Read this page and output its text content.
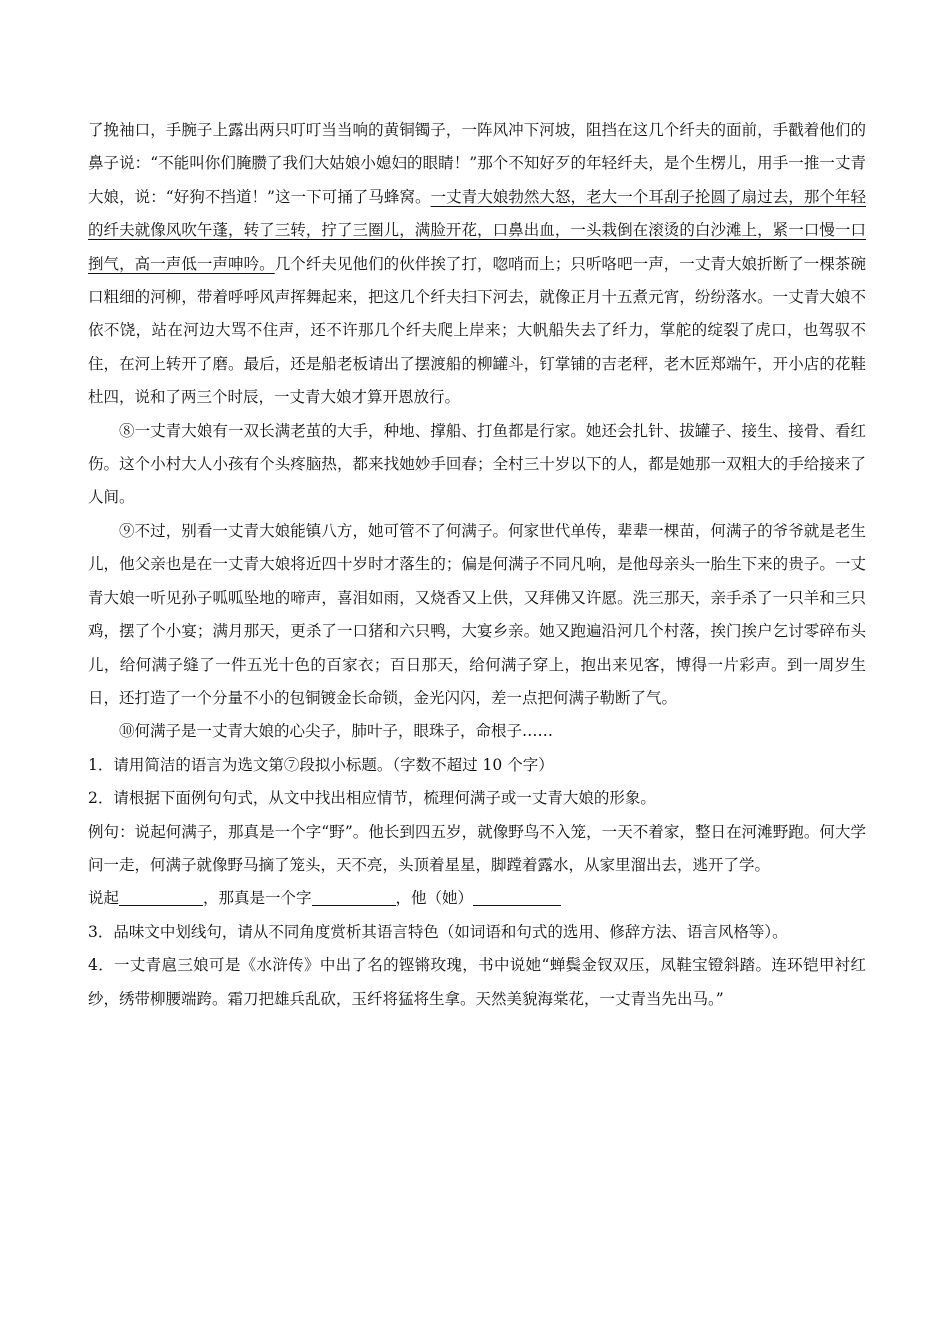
了挽袖口，手腕子上露出两只叮叮当当响的黄铜镯子，一阵风冲下河坡，阻挡在这几个纤夫的面前，手戳着他们的鼻子说：“不能叫你们腌臜了我们大姑娘小媳妇的眼睛！”那个不知好歹的年轻纤夫，是个生楞儿，用手一推一丈青大娘，说：“好狗不挡道！”这一下可捅了马蜂窝。一丈青大娘勃然大怒，老大一个耳刮子抡圆了扇过去，那个年轻的纤夫就像风吹午蓬，转了三转，拧了三圈儿，满脸开花，口鼻出血，一头栽倒在滚烫的白沙滩上，紧一口慢一口捯气，高一声低一声呻吟。几个纤夫见他们的伙伴挨了打，唿哨而上；只听咯吧一声，一丈青大娘折断了一棵茶碗口粗细的河柳，带着呼呼风声挥舞起来，把这几个纤夫扫下河去，就像正月十五煮元宵，纷纷落水。一丈青大娘不依不饶，站在河边大骂不住声，还不许那几个纤夫爬上岸来；大帆船失去了纤力，掌舵的绽裂了虎口，也驾驭不住，在河上转开了磨。最后，还是船老板请出了摆渡船的柳罐斗，钉掌铺的吉老秤，老木匠郑端午，开小店的花鞋杜四，说和了两三个时辰，一丈青大娘才算开恩放行。

⑧一丈青大娘有一双长满老茧的大手，种地、撑船、打鱼都是行家。她还会扎针、拔罐子、接生、接骨、看红伤。这个小村大人小孩有个头疼脑热，都来找她妙手回春；全村三十岁以下的人，都是她那一双粗大的手给接来了人间。

⑨不过，别看一丈青大娘能镇八方，她可管不了何满子。何家世代单传，辈辈一棵苗，何满子的爷爷就是老生儿，他父亲也是在一丈青大娘将近四十岁时才落生的；偏是何满子不同凡响，是他母亲头一胎生下来的贵子。一丈青大娘一听见孙子呱呱坠地的啼声，喜泪如雨，又烧香又上供，又拜佛又许愿。洗三那天，亲手杀了一只羊和三只鸡，摆了个小宴；满月那天，更杀了一口猪和六只鸭，大宴乡亲。她又跑遍沿河几个村落，挨门挨户乞讨零碎布头儿，给何满子缝了一件五光十色的百家衣；百日那天，给何满子穿上，抱出来见客，博得一片彩声。到一周岁生日，还打造了一个分量不小的包铜镀金长命锁，金光闪闪，差一点把何满子勒断了气。

⑩何满子是一丈青大娘的心尖子，肺叶子，眼珠子，命根子……

1．请用简洁的语言为选文第⑦段拟小标题。（字数不超过 10 个字）

2．请根据下面例句句式，从文中找出相应情节，梳理何满子或一丈青大娘的形象。

例句：说起何满子，那真是一个字“野”。他长到四五岁，就像野鸟不入笼，一天不着家，整日在河滩野跑。何大学问一走，何满子就像野马摘了笼头，天不亮，头顶着星星，脚蹚着露水，从家里溜出去，逃开了学。

说起	，那真是一个字	，他（她）

3．品味文中划线句，请从不同角度赏析其语言特色（如词语和句式的选用、修辞方法、语言风格等）。

4．一丈青扈三娘可是《水浒传》中出了名的铿锵玫瑰，书中说她“蝉鬓金钗双压，凤鞋宝镫斜踏。连环铠甲衬红纱，绣带柳腰端跨。霜刀把雄兵乱砍，玉纤将猛将生拿。天然美貌海棠花，一丈青当先出马。”
